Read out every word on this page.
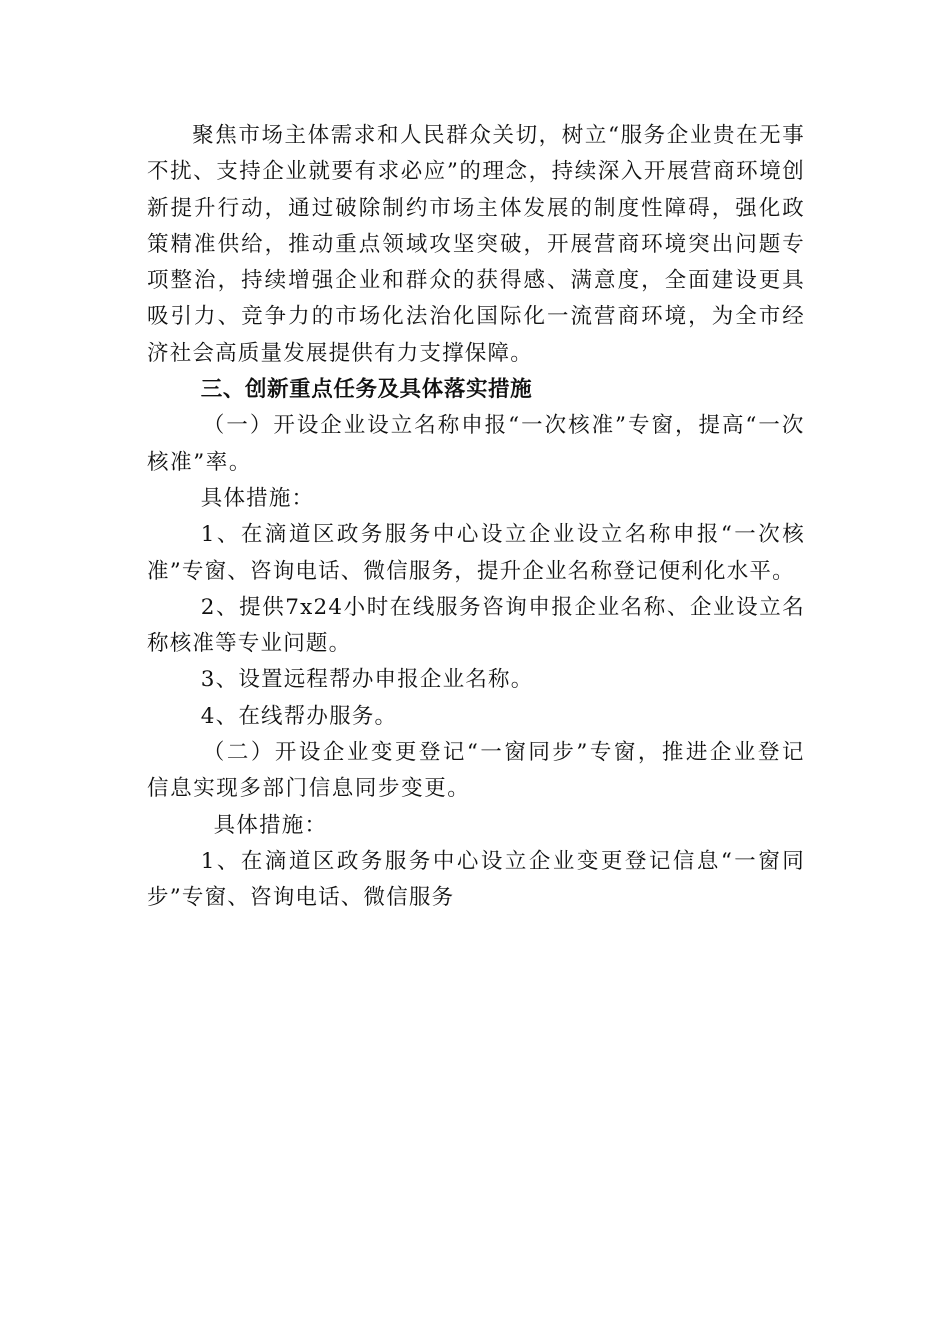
聚焦市场主体需求和人民群众关切，树立“服务企业贵在无事不扰、支持企业就要有求必应”的理念，持续深入开展营商环境创新提升行动，通过破除制约市场主体发展的制度性障碍，强化政策精准供给，推动重点领域攻坚突破，开展营商环境突出问题专项整治，持续增强企业和群众的获得感、满意度，全面建设更具吸引力、竞争力的市场化法治化国际化一流营商环境，为全市经济社会高质量发展提供有力支撑保障。

三、创新重点任务及具体落实措施

（一）开设企业设立名称申报“一次核准”专窗，提高“一次核准”率。

具体措施：

1、在滴道区政务服务中心设立企业设立名称申报“一次核准”专窗、咨询电话、微信服务，提升企业名称登记便利化水平。

2、提供7x24小时在线服务咨询申报企业名称、企业设立名称核准等专业问题。

3、设置远程帮办申报企业名称。

4、在线帮办服务。

（二）开设企业变更登记“一窗同步”专窗，推进企业登记信息实现多部门信息同步变更。

具体措施：

1、在滴道区政务服务中心设立企业变更登记信息“一窗同步”专窗、咨询电话、微信服务
